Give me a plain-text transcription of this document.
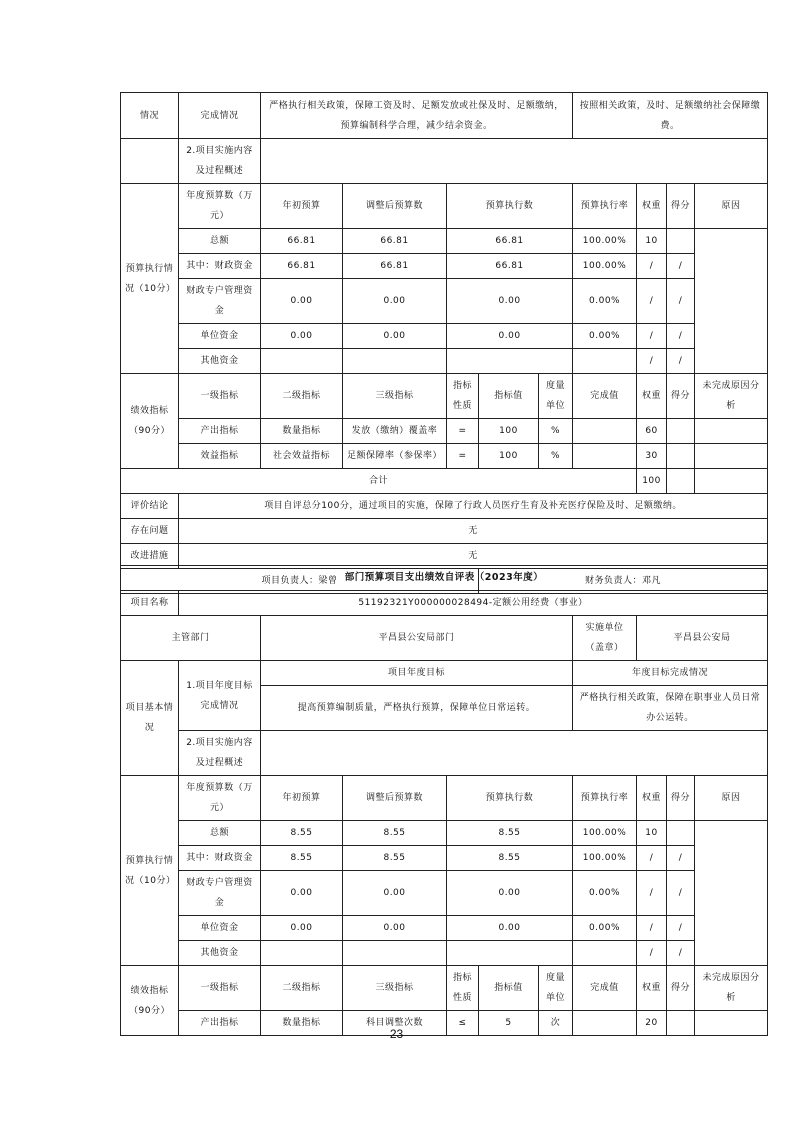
情况	完成情况	严格执行相关政策，保障工资及时、足额发放或社保及时、足额缴纳，预算编制科学合理，减少结余资金。					按照相关政策，及时、足额缴纳社会保障缴费。			
	2.项目实施内容及过程概述									
预算执行情况（10分）	年度预算数（万元）	年初预算	调整后预算数	预算执行数			预算执行率	权重	得分	原因
	总额	66.81	66.81	66.81			100.00%	10		
	其中：财政资金	66.81	66.81	66.81			100.00%	/	/	
	财政专户管理资金	0.00	0.00	0.00			0.00%	/	/	
	单位资金	0.00	0.00	0.00			0.00%	/	/	
	其他资金							/	/	
绩效指标（90分）	一级指标	二级指标	三级指标	指标性质	指标值	度量单位	完成值	权重	得分	未完成原因分析
	产出指标	数量指标	发放（缴纳）覆盖率	=	100	%		60		
	效益指标	社会效益指标	足额保障率（参保率）	=	100	%		30		
合计								100		
评价结论	项目自评总分100分，通过项目的实施，保障了行政人员医疗生育及补充医疗保险及时、足额缴纳。									
存在问题	无									
改进措施	无									
项目负责人：梁曾					财务负责人：邓凡					
部门预算项目支出绩效自评表（2023年度）										
项目名称	51192321Y000000028494-定额公用经费（事业）									
主管部门		平昌县公安局部门					实施单位（盖章）	平昌县公安局		
项目基本情况	1.项目年度目标完成情况	项目年度目标					年度目标完成情况			
		提高预算编制质量，严格执行预算，保障单位日常运转。					严格执行相关政策，保障在职事业人员日常办公运转。			
	2.项目实施内容及过程概述									
预算执行情况（10分）	年度预算数（万元）	年初预算	调整后预算数	预算执行数			预算执行率	权重	得分	原因
	总额	8.55	8.55	8.55			100.00%	10		
	其中：财政资金	8.55	8.55	8.55			100.00%	/	/	
	财政专户管理资金	0.00	0.00	0.00			0.00%	/	/	
	单位资金	0.00	0.00	0.00			0.00%	/	/	
	其他资金							/	/	
绩效指标（90分）	一级指标	二级指标	三级指标	指标性质	指标值	度量单位	完成值	权重	得分	未完成原因分析
	产出指标	数量指标	科目调整次数	≤	5	次		20		
23
